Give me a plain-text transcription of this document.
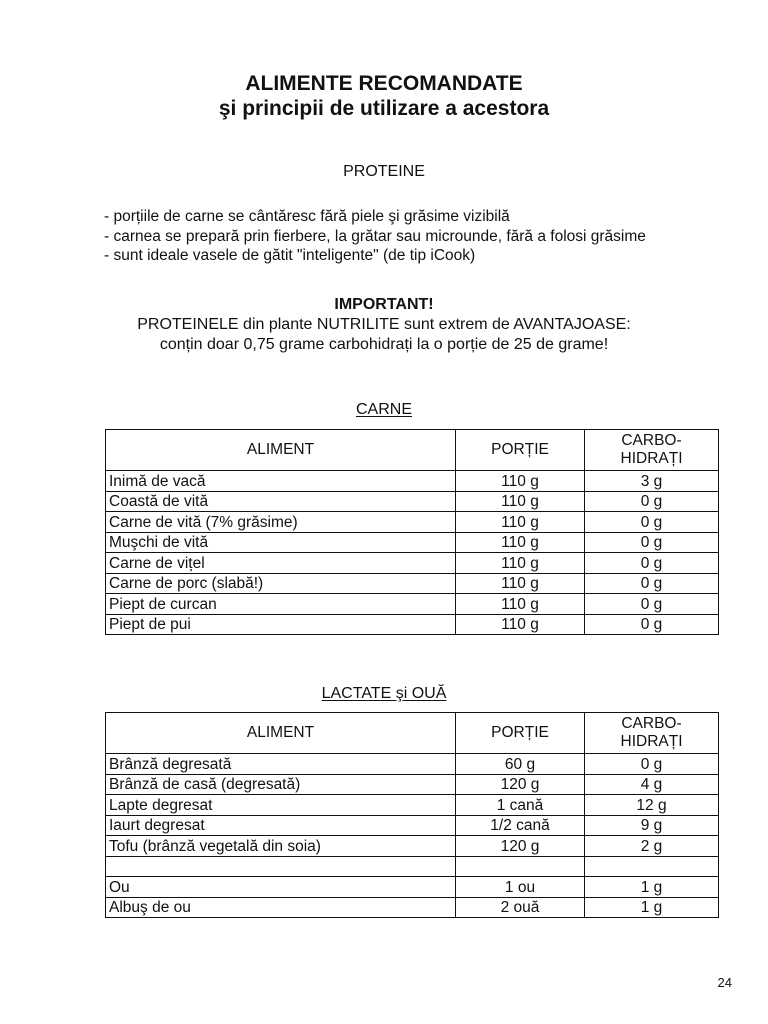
ALIMENTE RECOMANDATE
şi principii de utilizare a acestora
PROTEINE
- porțiile de carne se cântăresc fără piele şi grăsime vizibilă
- carnea se prepară prin fierbere, la grătar sau microunde, fără a folosi grăsime
- sunt ideale vasele de gătit "inteligente" (de tip iCook)
IMPORTANT!
PROTEINELE din plante NUTRILITE sunt extrem de AVANTAJOASE:
conțin doar 0,75 grame carbohidrați la o porție de 25 de grame!
CARNE
ALIMENT	PORȚIE	CARBO-
HIDRAȚI
Inimă de vacă	110 g	3 g
Coastă de vită	110 g	0 g
Carne de vită (7% grăsime)	110 g	0 g
Muşchi de vită	110 g	0 g
Carne de vițel	110 g	0 g
Carne de porc (slabă!)	110 g	0 g
Piept de curcan	110 g	0 g
Piept de pui	110 g	0 g
LACTATE şi OUĂ
ALIMENT	PORȚIE	CARBO-
HIDRAȚI
Brânză degresată	60 g	0 g
Brânză de casă (degresată)	120 g	4 g
Lapte degresat	1 cană	12 g
Iaurt degresat	1/2 cană	9 g
Tofu (brânză vegetală din soia)	120 g	2 g

Ou	1 ou	1 g
Albuş de ou	2 ouă	1 g
24
